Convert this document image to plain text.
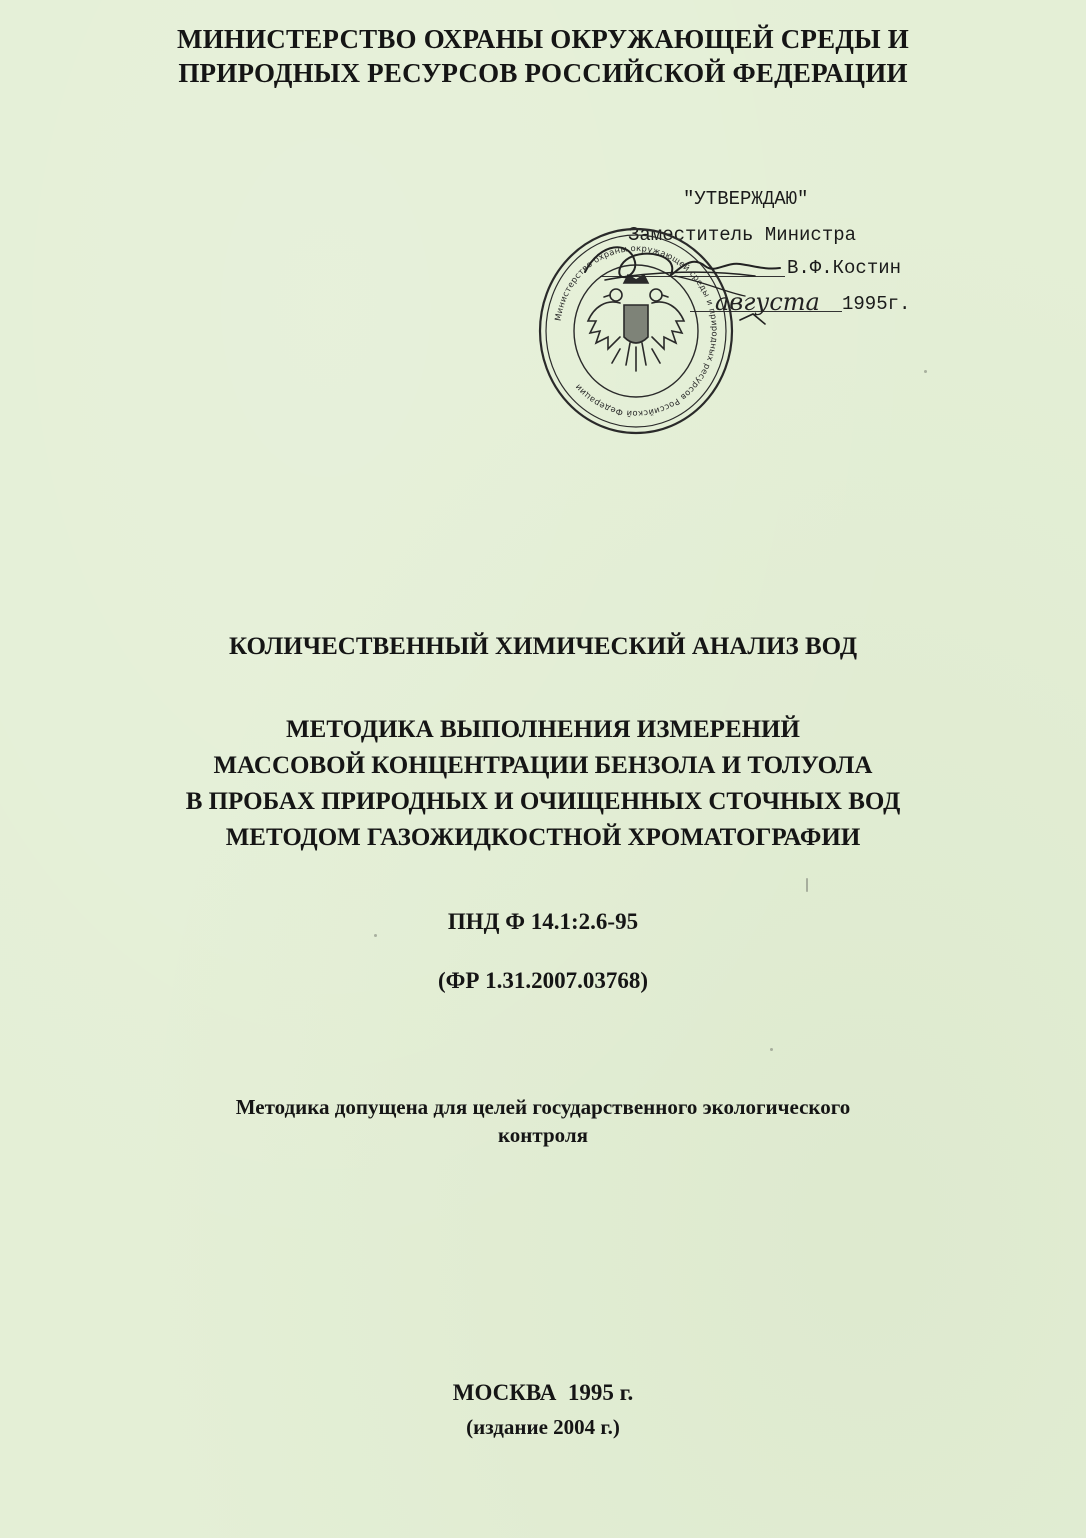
МИНИСТЕРСТВО ОХРАНЫ ОКРУЖАЮЩЕЙ СРЕДЫ И
ПРИРОДНЫХ РЕСУРСОВ РОССИЙСКОЙ ФЕДЕРАЦИИ
"УТВЕРЖДАЮ"
Заместитель Министра
В.Ф.Костин
1995г.
Министерство охраны окружающей среды и природных ресурсов Российской Федерации
августа
КОЛИЧЕСТВЕННЫЙ ХИМИЧЕСКИЙ АНАЛИЗ ВОД
МЕТОДИКА ВЫПОЛНЕНИЯ ИЗМЕРЕНИЙ
МАССОВОЙ КОНЦЕНТРАЦИИ БЕНЗОЛА И ТОЛУОЛА
В ПРОБАХ ПРИРОДНЫХ И ОЧИЩЕННЫХ СТОЧНЫХ ВОД
МЕТОДОМ ГАЗОЖИДКОСТНОЙ ХРОМАТОГРАФИИ
ПНД Ф 14.1:2.6-95
(ФР 1.31.2007.03768)
Методика допущена для целей государственного экологического
контроля
МОСКВА  1995 г.
(издание 2004 г.)
